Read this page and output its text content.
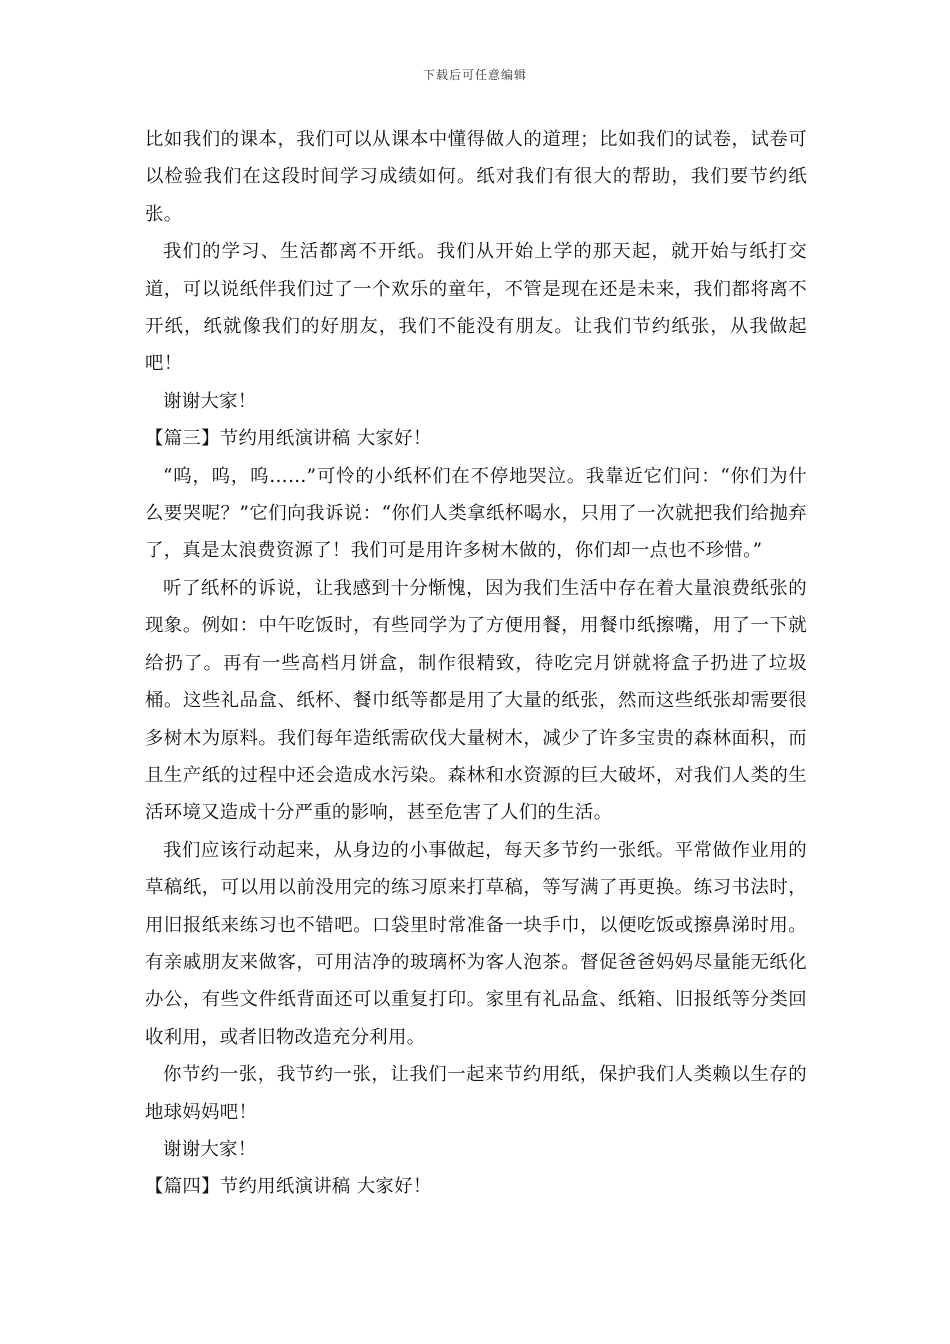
下载后可任意编辑

比如我们的课本，我们可以从课本中懂得做人的道理；比如我们的试卷，试卷可以检验我们在这段时间学习成绩如何。纸对我们有很大的帮助，我们要节约纸张。

我们的学习、生活都离不开纸。我们从开始上学的那天起，就开始与纸打交道，可以说纸伴我们过了一个欢乐的童年，不管是现在还是未来，我们都将离不开纸，纸就像我们的好朋友，我们不能没有朋友。让我们节约纸张，从我做起吧！

谢谢大家！

【篇三】节约用纸演讲稿 大家好！

“呜，呜，呜……”可怜的小纸杯们在不停地哭泣。我靠近它们问：“你们为什么要哭呢？”它们向我诉说：“你们人类拿纸杯喝水，只用了一次就把我们给抛弃了，真是太浪费资源了！我们可是用许多树木做的，你们却一点也不珍惜。”

听了纸杯的诉说，让我感到十分惭愧，因为我们生活中存在着大量浪费纸张的现象。例如：中午吃饭时，有些同学为了方便用餐，用餐巾纸擦嘴，用了一下就给扔了。再有一些高档月饼盒，制作很精致，待吃完月饼就将盒子扔进了垃圾桶。这些礼品盒、纸杯、餐巾纸等都是用了大量的纸张，然而这些纸张却需要很多树木为原料。我们每年造纸需砍伐大量树木，减少了许多宝贵的森林面积，而且生产纸的过程中还会造成水污染。森林和水资源的巨大破坏，对我们人类的生活环境又造成十分严重的影响，甚至危害了人们的生活。

我们应该行动起来，从身边的小事做起，每天多节约一张纸。平常做作业用的草稿纸，可以用以前没用完的练习原来打草稿，等写满了再更换。练习书法时，用旧报纸来练习也不错吧。口袋里时常准备一块手巾，以便吃饭或擦鼻涕时用。有亲戚朋友来做客，可用洁净的玻璃杯为客人泡茶。督促爸爸妈妈尽量能无纸化办公，有些文件纸背面还可以重复打印。家里有礼品盒、纸箱、旧报纸等分类回收利用，或者旧物改造充分利用。

你节约一张，我节约一张，让我们一起来节约用纸，保护我们人类赖以生存的地球妈妈吧！

谢谢大家！

【篇四】节约用纸演讲稿 大家好！
